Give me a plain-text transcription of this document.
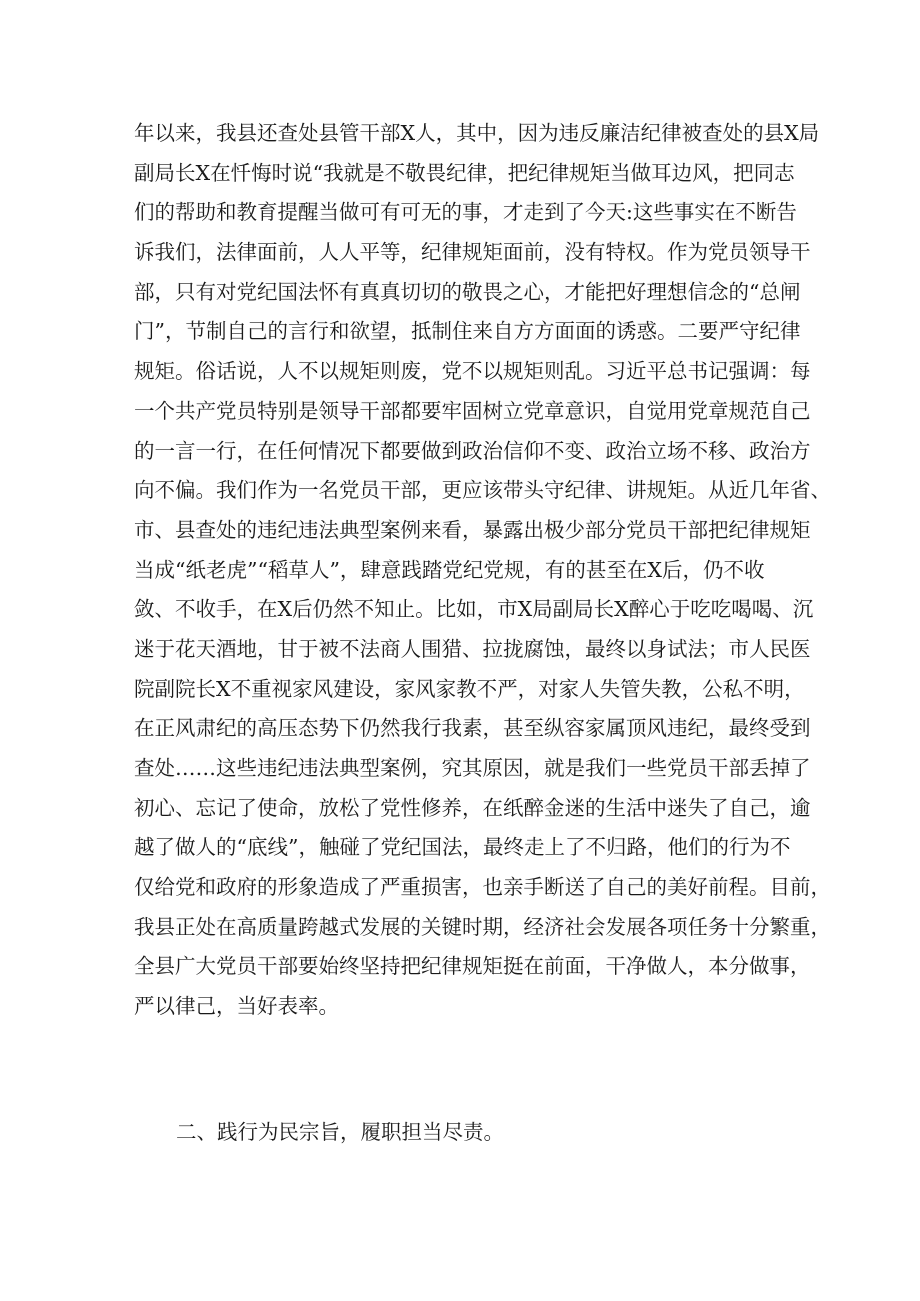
年以来，我县还查处县管干部X人，其中，因为违反廉洁纪律被查处的县X局
副局长X在忏悔时说“我就是不敬畏纪律，把纪律规矩当做耳边风，把同志
们的帮助和教育提醒当做可有可无的事，才走到了今天:这些事实在不断告
诉我们，法律面前，人人平等，纪律规矩面前，没有特权。作为党员领导干
部，只有对党纪国法怀有真真切切的敬畏之心，才能把好理想信念的“总闸
门”，节制自己的言行和欲望，抵制住来自方方面面的诱惑。二要严守纪律
规矩。俗话说，人不以规矩则废，党不以规矩则乱。习近平总书记强调：每
一个共产党员特别是领导干部都要牢固树立党章意识，自觉用党章规范自己
的一言一行，在任何情况下都要做到政治信仰不变、政治立场不移、政治方
向不偏。我们作为一名党员干部，更应该带头守纪律、讲规矩。从近几年省、
市、县查处的违纪违法典型案例来看，暴露出极少部分党员干部把纪律规矩
当成“纸老虎”“稻草人”，肆意践踏党纪党规，有的甚至在X后，仍不收
敛、不收手，在X后仍然不知止。比如，市X局副局长X醉心于吃吃喝喝、沉
迷于花天酒地，甘于被不法商人围猎、拉拢腐蚀，最终以身试法；市人民医
院副院长X不重视家风建设，家风家教不严，对家人失管失教，公私不明，
在正风肃纪的高压态势下仍然我行我素，甚至纵容家属顶风违纪，最终受到
查处……这些违纪违法典型案例，究其原因，就是我们一些党员干部丢掉了
初心、忘记了使命，放松了党性修养，在纸醉金迷的生活中迷失了自己，逾
越了做人的“底线”，触碰了党纪国法，最终走上了不归路，他们的行为不
仅给党和政府的形象造成了严重损害，也亲手断送了自己的美好前程。目前，
我县正处在高质量跨越式发展的关键时期，经济社会发展各项任务十分繁重，
全县广大党员干部要始终坚持把纪律规矩挺在前面，干净做人，本分做事，
严以律己，当好表率。
二、践行为民宗旨，履职担当尽责。
